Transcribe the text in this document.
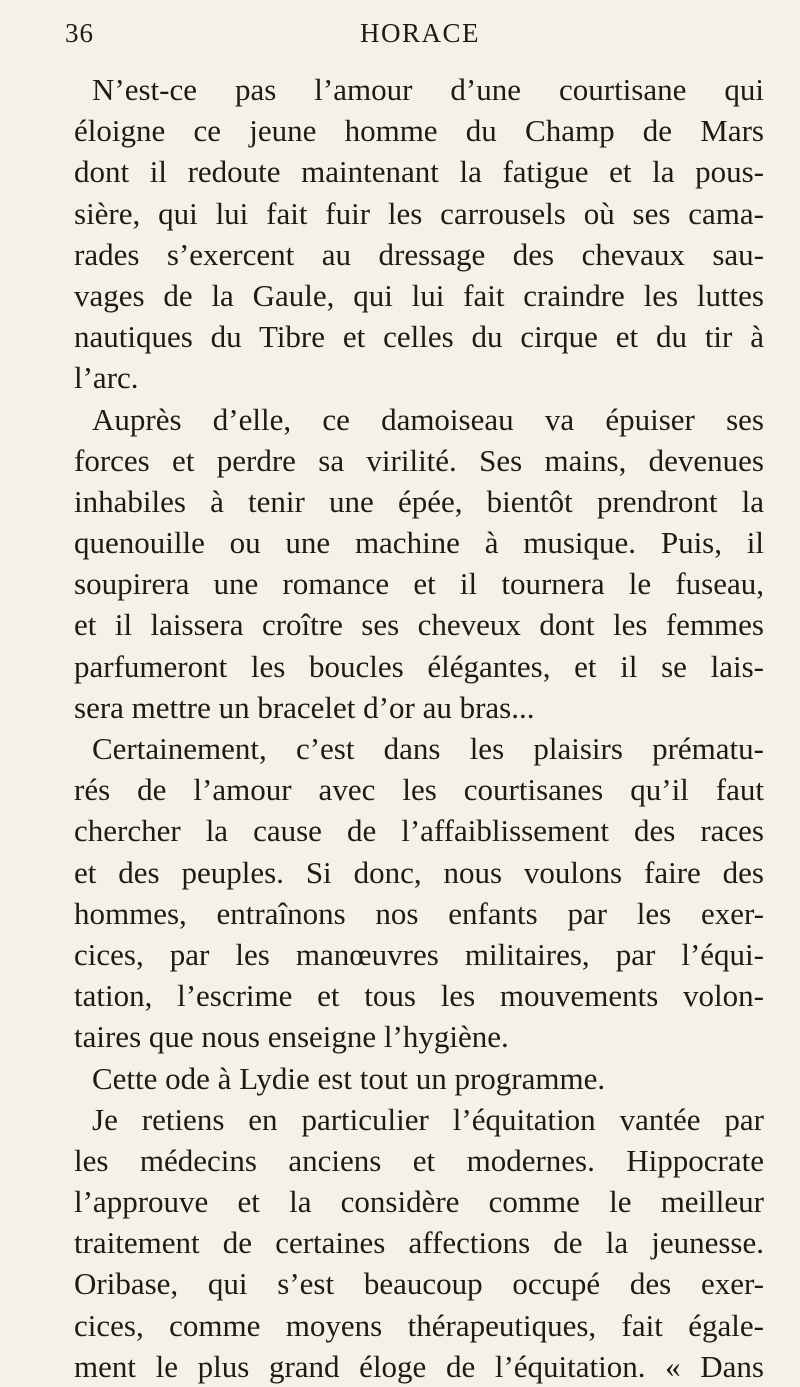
36	HORACE
N’est-ce pas l’amour d’une courtisane qui
éloigne ce jeune homme du Champ de Mars
dont il redoute maintenant la fatigue et la pous-
sière, qui lui fait fuir les carrousels où ses cama-
rades s’exercent au dressage des chevaux sau-
vages de la Gaule, qui lui fait craindre les luttes
nautiques du Tibre et celles du cirque et du tir à
l’arc.
Auprès d’elle, ce damoiseau va épuiser ses
forces et perdre sa virilité. Ses mains, devenues
inhabiles à tenir une épée, bientôt prendront la
quenouille ou une machine à musique. Puis, il
soupirera une romance et il tournera le fuseau,
et il laissera croître ses cheveux dont les femmes
parfumeront les boucles élégantes, et il se lais-
sera mettre un bracelet d’or au bras...
Certainement, c’est dans les plaisirs prématu-
rés de l’amour avec les courtisanes qu’il faut
chercher la cause de l’affaiblissement des races
et des peuples. Si donc, nous voulons faire des
hommes, entraînons nos enfants par les exer-
cices, par les manœuvres militaires, par l’équi-
tation, l’escrime et tous les mouvements volon-
taires que nous enseigne l’hygiène.
Cette ode à Lydie est tout un programme.
Je retiens en particulier l’équitation vantée par
les médecins anciens et modernes. Hippocrate
l’approuve et la considère comme le meilleur
traitement de certaines affections de la jeunesse.
Oribase, qui s’est beaucoup occupé des exer-
cices, comme moyens thérapeutiques, fait égale-
ment le plus grand éloge de l’équitation. « Dans
